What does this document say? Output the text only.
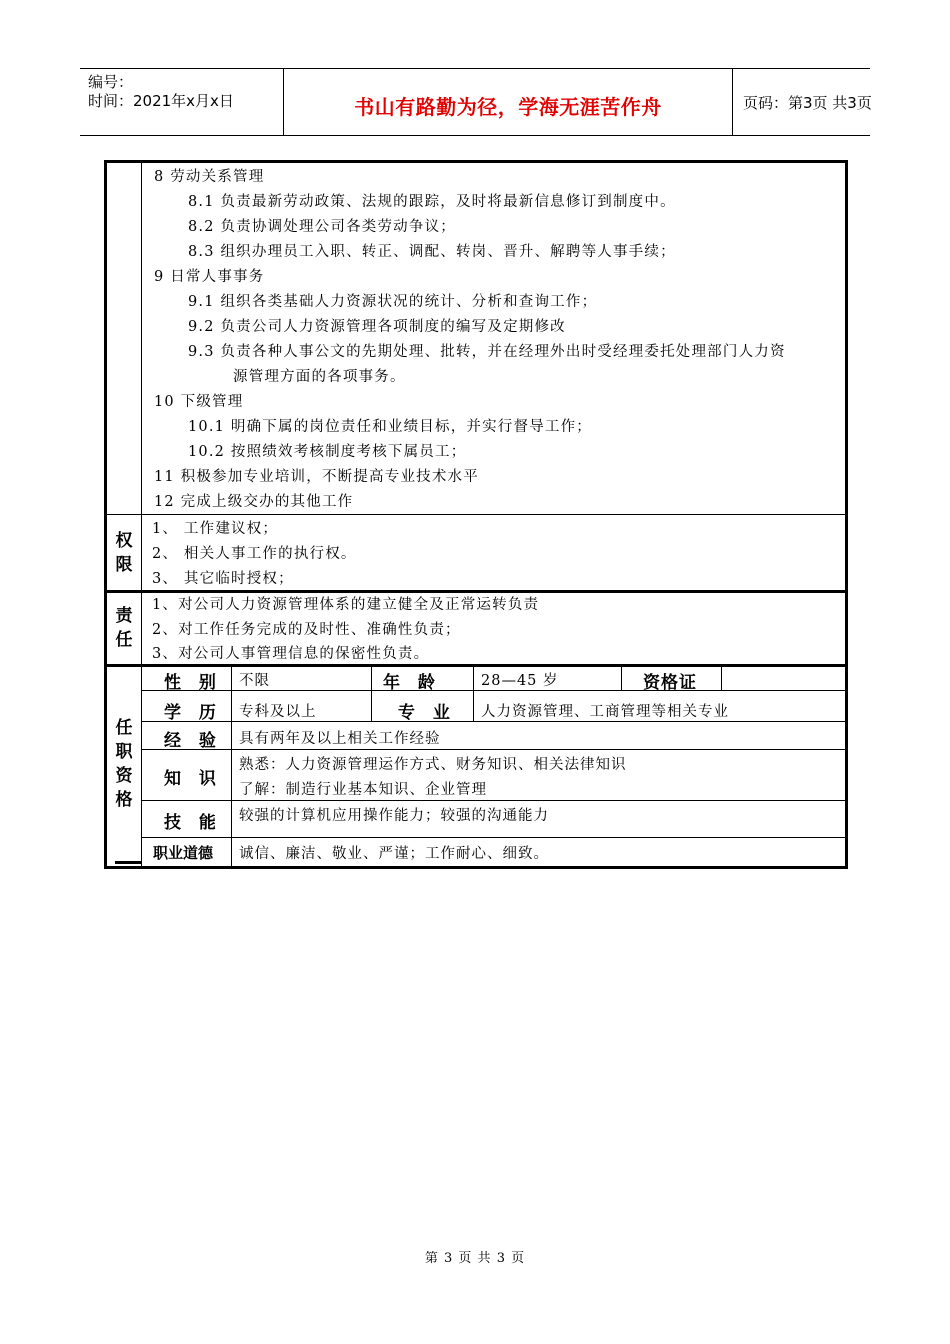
编号：
时间：2021年x月x日	书山有路勤为径，学海无涯苦作舟	页码：第3页 共3页
8 劳动关系管理
8.1 负责最新劳动政策、法规的跟踪，及时将最新信息修订到制度中。
8.2 负责协调处理公司各类劳动争议；
8.3 组织办理员工入职、转正、调配、转岗、晋升、解聘等人事手续；
9 日常人事事务
9.1 组织各类基础人力资源状况的统计、分析和查询工作；
9.2 负责公司人力资源管理各项制度的编写及定期修改
9.3 负责各种人事公文的先期处理、批转，并在经理外出时受经理委托处理部门人力资
源管理方面的各项事务。
10 下级管理
10.1 明确下属的岗位责任和业绩目标，并实行督导工作；
10.2 按照绩效考核制度考核下属员工；
11 积极参加专业培训，不断提高专业技术水平
12 完成上级交办的其他工作
权限
1、 工作建议权；
2、 相关人事工作的执行权。
3、 其它临时授权；
责任
1、对公司人力资源管理体系的建立健全及正常运转负责
2、对工作任务完成的及时性、准确性负责；
3、对公司人事管理信息的保密性负责。
任职资格
性 别 不限	年 龄	28—45 岁	资格证
学 历 专科及以上	专 业 人力资源管理、工商管理等相关专业
经 验 具有两年及以上相关工作经验
知 识
熟悉：人力资源管理运作方式、财务知识、相关法律知识
了解：制造行业基本知识、企业管理
技 能 较强的计算机应用操作能力；较强的沟通能力
职业道德 诚信、廉洁、敬业、严谨；工作耐心、细致。
第 3 页 共 3 页
